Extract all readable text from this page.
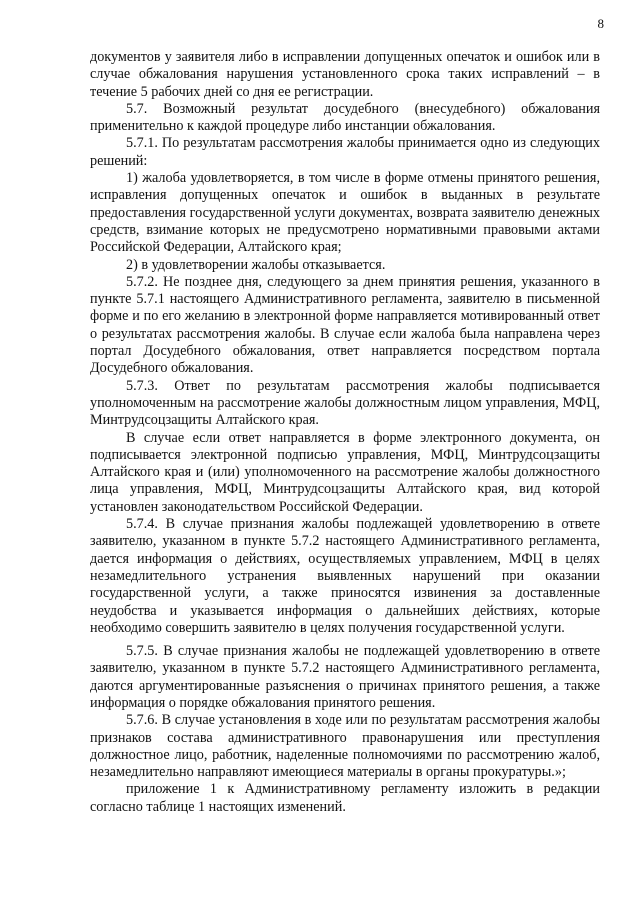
8

документов у заявителя либо в исправлении допущенных опечаток и ошибок или в случае обжалования нарушения установленного срока таких исправлений – в течение 5 рабочих дней со дня ее регистрации.

5.7. Возможный результат досудебного (внесудебного) обжалования применительно к каждой процедуре либо инстанции обжалования.

5.7.1. По результатам рассмотрения жалобы принимается одно из следующих решений:

1) жалоба удовлетворяется, в том числе в форме отмены принятого решения, исправления допущенных опечаток и ошибок в выданных в результате предоставления государственной услуги документах, возврата заявителю денежных средств, взимание которых не предусмотрено нормативными правовыми актами Российской Федерации, Алтайского края;

2) в удовлетворении жалобы отказывается.

5.7.2. Не позднее дня, следующего за днем принятия решения, указанного в пункте 5.7.1 настоящего Административного регламента, заявителю в письменной форме и по его желанию в электронной форме направляется мотивированный ответ о результатах рассмотрения жалобы. В случае если жалоба была направлена через портал Досудебного обжалования, ответ направляется посредством портала Досудебного обжалования.

5.7.3. Ответ по результатам рассмотрения жалобы подписывается уполномоченным на рассмотрение жалобы должностным лицом управления, МФЦ, Минтрудсоцзащиты Алтайского края.

В случае если ответ направляется в форме электронного документа, он подписывается электронной подписью управления, МФЦ, Минтрудсоцзащиты Алтайского края и (или) уполномоченного на рассмотрение жалобы должностного лица управления, МФЦ, Минтрудсоцзащиты Алтайского края, вид которой установлен законодательством Российской Федерации.

5.7.4. В случае признания жалобы подлежащей удовлетворению в ответе заявителю, указанном в пункте 5.7.2 настоящего Административного регламента, дается информация о действиях, осуществляемых управлением, МФЦ в целях незамедлительного устранения выявленных нарушений при оказании государственной услуги, а также приносятся извинения за доставленные неудобства и указывается информация о дальнейших действиях, которые необходимо совершить заявителю в целях получения государственной услуги.

5.7.5. В случае признания жалобы не подлежащей удовлетворению в ответе заявителю, указанном в пункте 5.7.2 настоящего Административного регламента, даются аргументированные разъяснения о причинах принятого решения, а также информация о порядке обжалования принятого решения.

5.7.6. В случае установления в ходе или по результатам рассмотрения жалобы признаков состава административного правонарушения или преступления должностное лицо, работник, наделенные полномочиями по рассмотрению жалоб, незамедлительно направляют имеющиеся материалы в органы прокуратуры.»;

приложение 1 к Административному регламенту изложить в редакции согласно таблице 1 настоящих изменений.
